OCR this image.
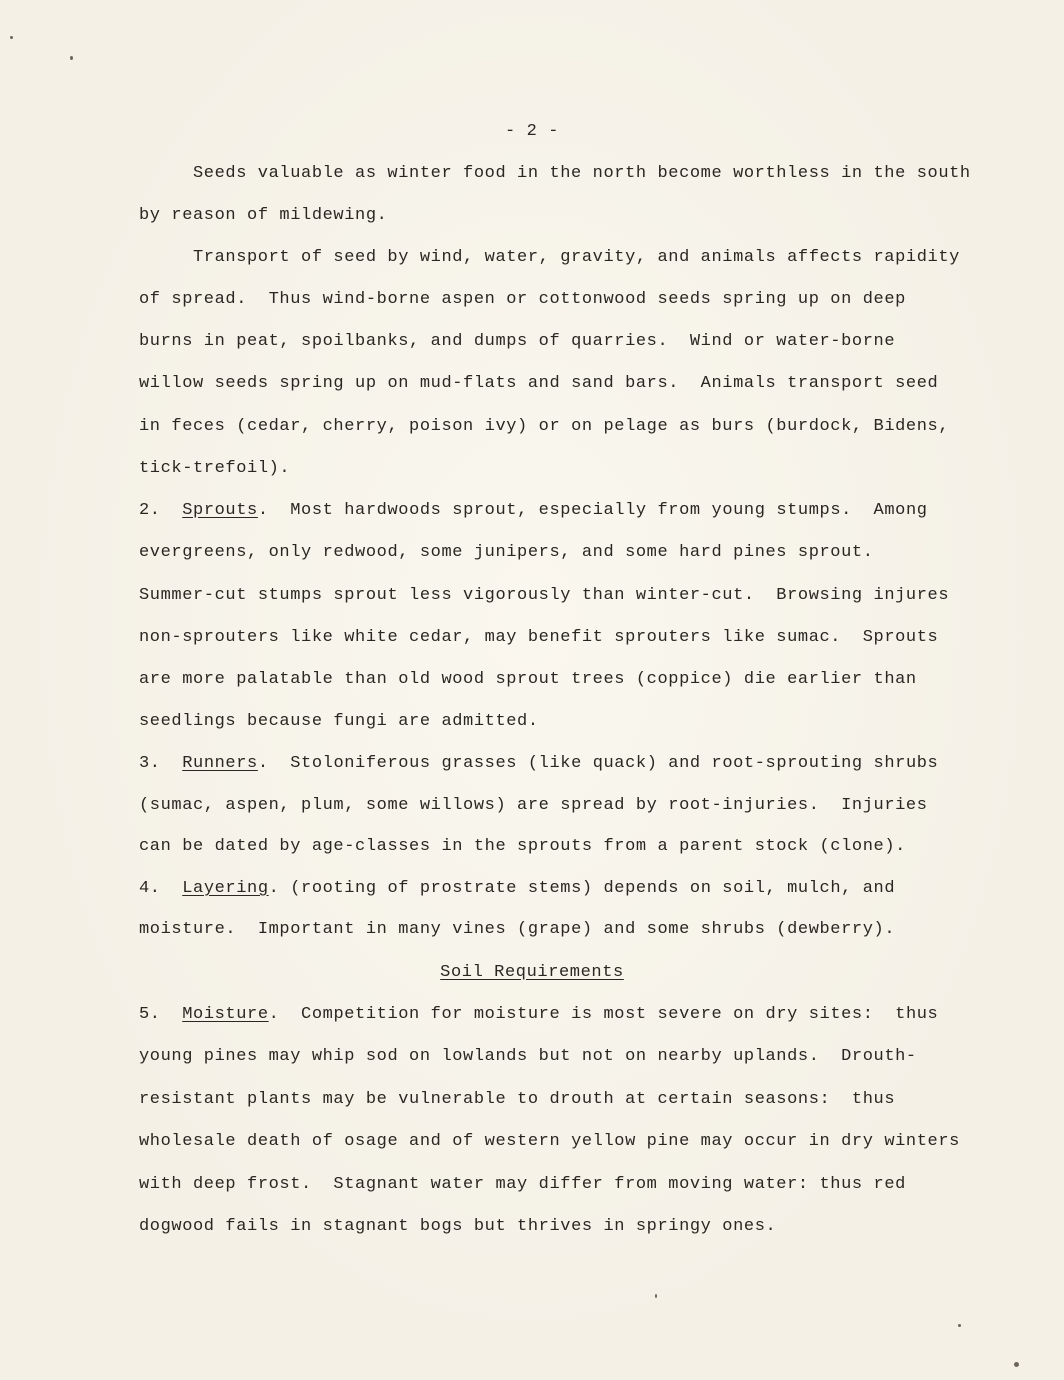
- 2 -
Seeds valuable as winter food in the north become worthless in the south
by reason of mildewing.
Transport of seed by wind, water, gravity, and animals affects rapidity
of spread.  Thus wind-borne aspen or cottonwood seeds spring up on deep
burns in peat, spoilbanks, and dumps of quarries.  Wind or water-borne
willow seeds spring up on mud-flats and sand bars.  Animals transport seed
in feces (cedar, cherry, poison ivy) or on pelage as burs (burdock, Bidens,
tick-trefoil).
2.  Sprouts.  Most hardwoods sprout, especially from young stumps.  Among
evergreens, only redwood, some junipers, and some hard pines sprout.
Summer-cut stumps sprout less vigorously than winter-cut.  Browsing injures
non-sprouters like white cedar, may benefit sprouters like sumac.  Sprouts
are more palatable than old wood sprout trees (coppice) die earlier than
seedlings because fungi are admitted.
3.  Runners.  Stoloniferous grasses (like quack) and root-sprouting shrubs
(sumac, aspen, plum, some willows) are spread by root-injuries.  Injuries
can be dated by age-classes in the sprouts from a parent stock (clone).
4.  Layering. (rooting of prostrate stems) depends on soil, mulch, and
moisture.  Important in many vines (grape) and some shrubs (dewberry).
Soil Requirements
5.  Moisture.  Competition for moisture is most severe on dry sites:  thus
young pines may whip sod on lowlands but not on nearby uplands.  Drouth-
resistant plants may be vulnerable to drouth at certain seasons:  thus
wholesale death of osage and of western yellow pine may occur in dry winters
with deep frost.  Stagnant water may differ from moving water: thus red
dogwood fails in stagnant bogs but thrives in springy ones.
